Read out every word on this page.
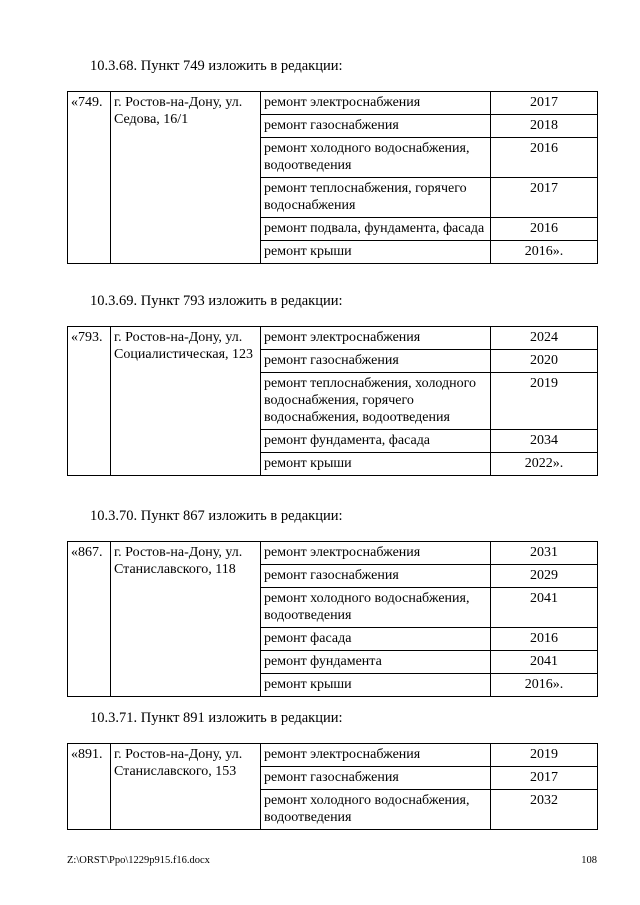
10.3.68. Пункт 749 изложить в редакции:
«749.	г. Ростов-на-Дону, ул. Седова, 16/1	ремонт электроснабжения	2017
		ремонт газоснабжения	2018
		ремонт холодного водоснабжения, водоотведения	2016
		ремонт теплоснабжения, горячего водоснабжения	2017
		ремонт подвала, фундамента, фасада	2016
		ремонт крыши	2016».
10.3.69. Пункт 793 изложить в редакции:
«793.	г. Ростов-на-Дону, ул. Социалистическая, 123	ремонт электроснабжения	2024
		ремонт газоснабжения	2020
		ремонт теплоснабжения, холодного водоснабжения, горячего водоснабжения, водоотведения	2019
		ремонт фундамента, фасада	2034
		ремонт крыши	2022».
10.3.70. Пункт 867 изложить в редакции:
«867.	г. Ростов-на-Дону, ул. Станиславского, 118	ремонт электроснабжения	2031
		ремонт газоснабжения	2029
		ремонт холодного водоснабжения, водоотведения	2041
		ремонт фасада	2016
		ремонт фундамента	2041
		ремонт крыши	2016».
10.3.71. Пункт 891 изложить в редакции:
«891.	г. Ростов-на-Дону, ул. Станиславского, 153	ремонт электроснабжения	2019
		ремонт газоснабжения	2017
		ремонт холодного водоснабжения, водоотведения	2032
Z:\ORST\Ppo\1229p915.f16.docx	108
